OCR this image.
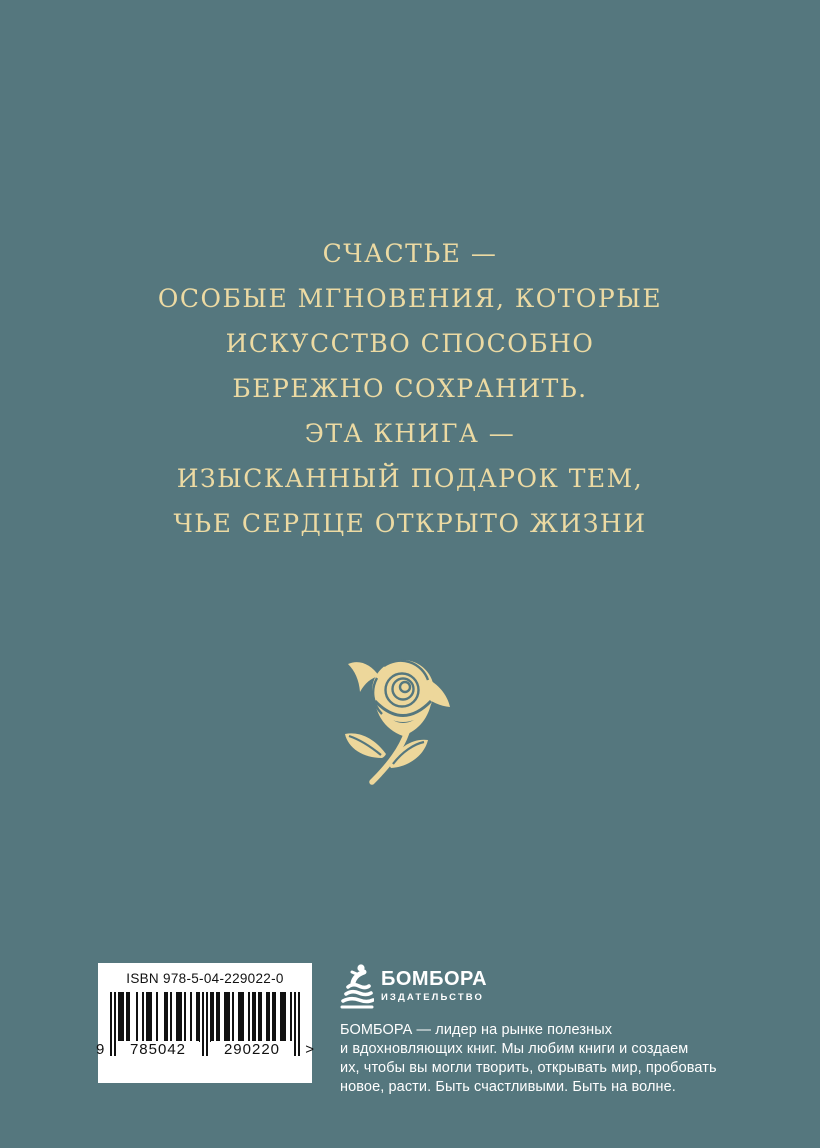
СЧАСТЬЕ —
ОСОБЫЕ МГНОВЕНИЯ, КОТОРЫЕ
ИСКУССТВО СПОСОБНО
БЕРЕЖНО СОХРАНИТЬ.
ЭТА КНИГА —
ИЗЫСКАННЫЙ ПОДАРОК ТЕМ,
ЧЬЕ СЕРДЦЕ ОТКРЫТО ЖИЗНИ
ISBN 978-5-04-229022-0
9	785042	290220	>
БОМБОРА
ИЗДАТЕЛЬСТВО
БОМБОРА — лидер на рынке полезных
и вдохновляющих книг. Мы любим книги и создаем
их, чтобы вы могли творить, открывать мир, пробовать
новое, расти. Быть счастливыми. Быть на волне.
